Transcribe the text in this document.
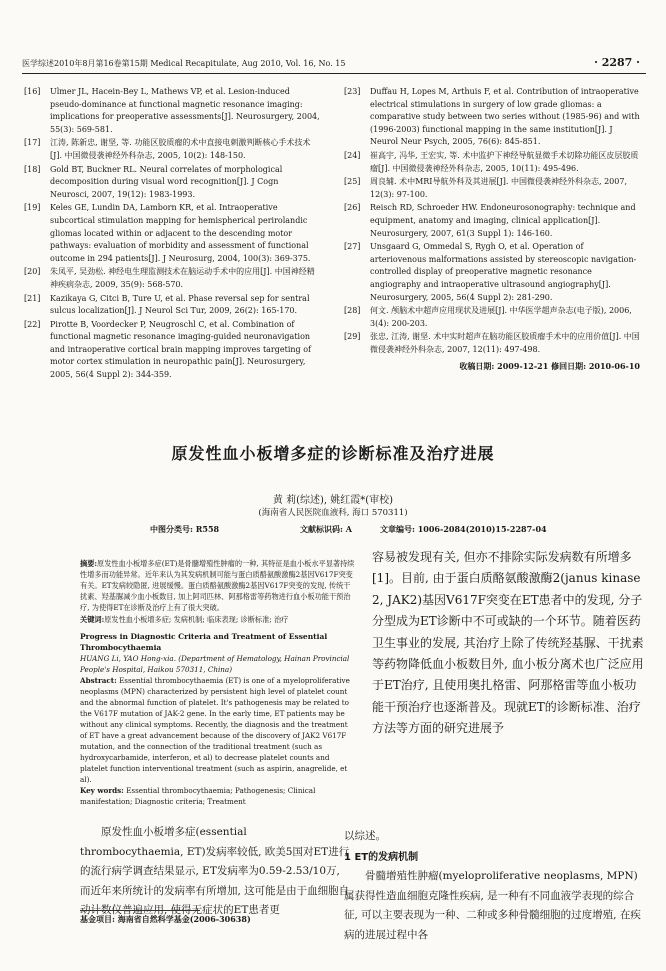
医学综述2010年8月第16卷第15期 Medical Recapitulate, Aug 2010, Vol. 16, No. 15	· 2287 ·
[16] Ulmer JL, Hacein-Bey L, Mathews VP, et al. Lesion-induced pseudo-dominance at functional magnetic resonance imaging: implications for preoperative assessments[J]. Neurosurgery, 2004, 55(3): 569-581.
[17] 江涛, 陈新忠, 谢坚, 等. 功能区胶质瘤的术中直接电刺激判断核心手术技术[J]. 中国微侵袭神经外科杂志, 2005, 10(2): 148-150.
[18] Gold BT, Buckner RL. Neural correlates of morphological decomposition during visual word recognition[J]. J Cogn Neurosci, 2007, 19(12): 1983-1993.
[19] Keles GE, Lundin DA, Lamborn KR, et al. Intraoperative subcortical stimulation mapping for hemispherical perirolandic gliomas located within or adjacent to the descending motor pathways: evaluation of morbidity and assessment of functional outcome in 294 patients[J]. J Neurosurg, 2004, 100(3): 369-375.
[20] 朱凤平, 吴劲松. 神经电生理监测技术在脑运动手术中的应用[J]. 中国神经精神疾病杂志, 2009, 35(9): 568-570.
[21] Kazikaya G, Citci B, Ture U, et al. Phase reversal sep for sentral sulcus localization[J]. J Neurol Sci Tur, 2009, 26(2): 165-170.
[22] Pirotte B, Voordecker P, Neugroschl C, et al. Combination of functional magnetic resonance imaging-guided neuronavigation and intraoperative cortical brain mapping improves targeting of motor cortex stimulation in neuropathic pain[J]. Neurosurgery, 2005, 56(4 Suppl 2): 344-359.
[23] Duffau H, Lopes M, Arthuis F, et al. Contribution of intraoperative electrical stimulations in surgery of low grade gliomas: a comparative study between two series without (1985-96) and with (1996-2003) functional mapping in the same institution[J]. J Neurol Neur Psych, 2005, 76(6): 845-851.
[24] 崔高宇, 冯华, 王宏实, 等. 术中监护下神经导航显微手术切除功能区皮层胶质瘤[J]. 中国微侵袭神经外科杂志, 2005, 10(11): 495-496.
[25] 周良辅. 术中MRI导航外科及其进展[J]. 中国微侵袭神经外科杂志, 2007, 12(3): 97-100.
[26] Reisch RD, Schroeder HW. Endoneurosonography: technique and equipment, anatomy and imaging, clinical application[J]. Neurosurgery, 2007, 61(3 Suppl 1): 146-160.
[27] Unsgaard G, Ommedal S, Rygh O, et al. Operation of arteriovenous malformations assisted by stereoscopic navigation-controlled display of preoperative magnetic resonance angiography and intraoperative ultrasound angiography[J]. Neurosurgery, 2005, 56(4 Suppl 2): 281-290.
[28] 何文. 颅脑术中超声应用现状及进展[J]. 中华医学超声杂志(电子版), 2006, 3(4): 200-203.
[29] 张忠, 江涛, 谢坚. 术中实时超声在脑功能区胶质瘤手术中的应用价值[J]. 中国微侵袭神经外科杂志, 2007, 12(11): 497-498.
收稿日期: 2009-12-21 修回日期: 2010-06-10
原发性血小板增多症的诊断标准及治疗进展
黄 莉(综述), 姚红霞*(审校)
(海南省人民医院血液科, 海口 570311)
中图分类号: R558	文献标识码: A	文章编号: 1006-2084(2010)15-2287-04

摘要:原发性血小板增多症(ET)是骨髓增殖性肿瘤的一种, 其特征是血小板水平显著持续性增多而功能异常。近年来认为其发病机制可能与蛋白质酪氨酸激酶2基因V617F突变有关。ET发病较隐匿, 进展缓慢。蛋白质酪氨酸激酶2基因V617F突变的发现, 传统干扰素、羟基脲减少血小板数目, 加上阿司匹林、阿那格雷等药物进行血小板功能干预治疗, 为使得ET在诊断及治疗上有了很大突破。

关键词:原发性血小板增多症; 发病机制; 临床表现; 诊断标准; 治疗

Progress in Diagnostic Criteria and Treatment of Essential Thrombocythaemia

HUANG Li, YAO Hong-xia. (Department of Hematology, Hainan Provincial People's Hospital, Haikou 570311, China)

Abstract: Essential thrombocythaemia (ET) is one of a myeloproliferative neoplasms (MPN) characterized by persistent high level of platelet count and the abnormal function of platelet. It's pathogenesis may be related to the V617F mutation of JAK-2 gene. In the early time, ET patients may be without any clinical symptoms. Recently, the diagnosis and the treatment of ET have a great advancement because of the discovery of JAK2 V617F mutation, and the connection of the traditional treatment (such as hydroxycarbamide, interferon, et al) to decrease platelet counts and platelet function interventional treatment (such as aspirin, anagrelide, et al).

Key words: Essential thrombocythaemia; Pathogenesis; Clinical manifestation; Diagnostic criteria; Treatment

容易被发现有关, 但亦不排除实际发病数有所增多[1]。目前, 由于蛋白质酪氨酸激酶2(janus kinase 2, JAK2)基因V617F突变在ET患者中的发现, 分子分型成为ET诊断中不可或缺的一个环节。随着医药卫生事业的发展, 其治疗上除了传统羟基脲、干扰素等药物降低血小板数目外, 血小板分离术也广泛应用于ET治疗, 且使用奥扎格雷、阿那格雷等血小板功能干预治疗也逐渐普及。现就ET的诊断标准、治疗方法等方面的研究进展予

原发性血小板增多症(essential thrombocythaemia, ET)发病率较低, 欧美5国对ET进行的流行病学调查结果显示, ET发病率为0.59-2.53/10万, 而近年来所统计的发病率有所增加, 这可能是由于血细胞自动计数仪普遍应用, 使得无症状的ET患者更

以综述。

1 ET的发病机制

骨髓增殖性肿瘤(myeloproliferative neoplasms, MPN)属获得性造血细胞克隆性疾病, 是一种有不同血液学表现的综合征, 可以主要表现为一种、二种或多种骨髓细胞的过度增殖, 在疾病的进展过程中各

基金项目: 海南省自然科学基金(2006-30638)
